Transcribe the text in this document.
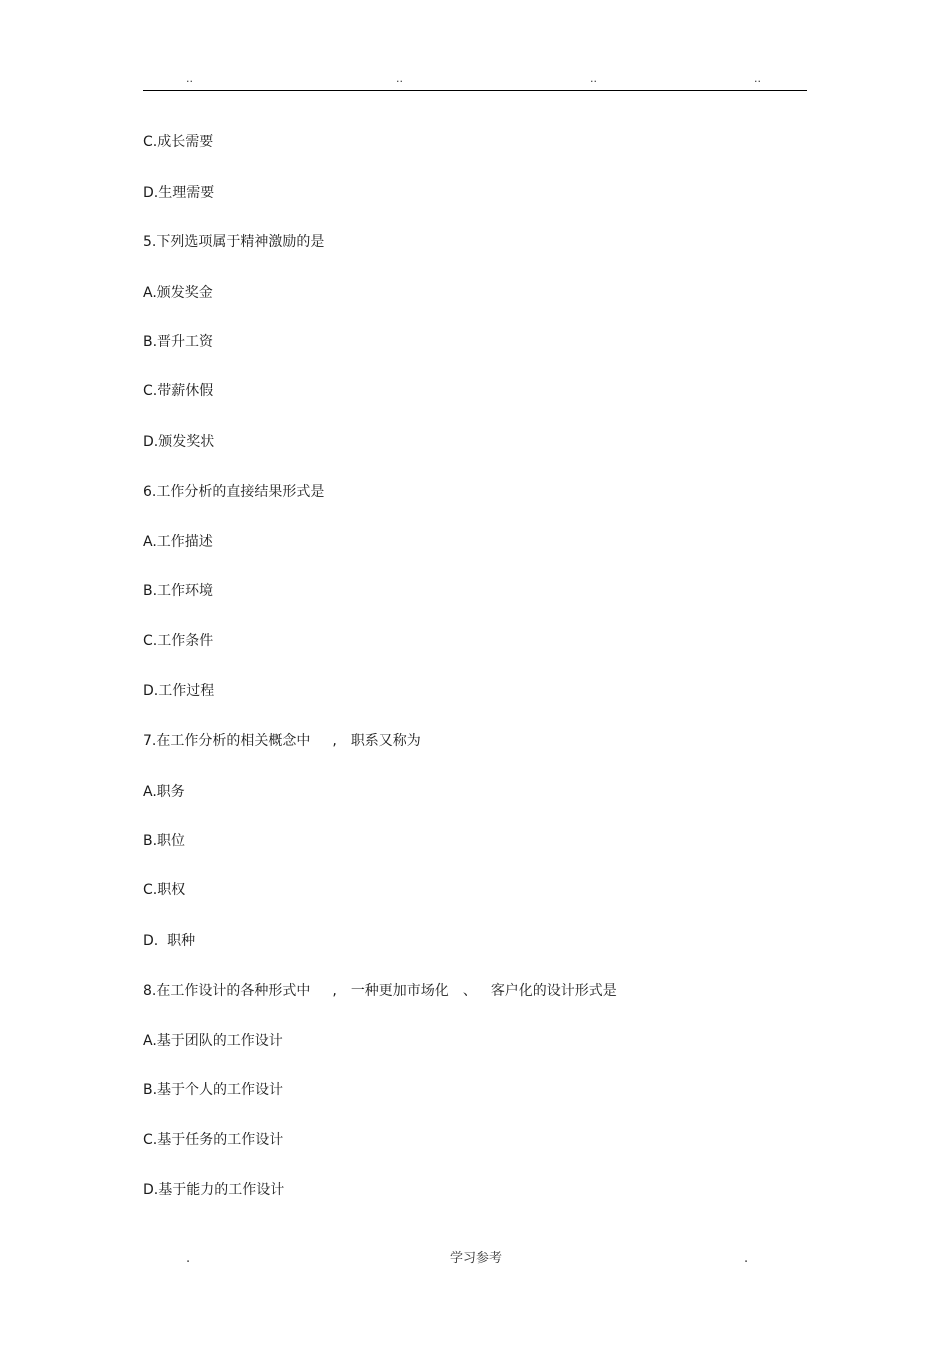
..	..	..	..
C.成长需要
D.生理需要
5.下列选项属于精神激励的是
A.颁发奖金
B.晋升工资
C.带薪休假
D.颁发奖状
6.工作分析的直接结果形式是
A.工作描述
B.工作环境
C.工作条件
D.工作过程
7.在工作分析的相关概念中 , 职系又称为
A.职务
B.职位
C.职权
D.  职种
8.在工作设计的各种形式中 , 一种更加市场化 、 客户化的设计形式是
A.基于团队的工作设计
B.基于个人的工作设计
C.基于任务的工作设计
D.基于能力的工作设计
.	学习参考	.
